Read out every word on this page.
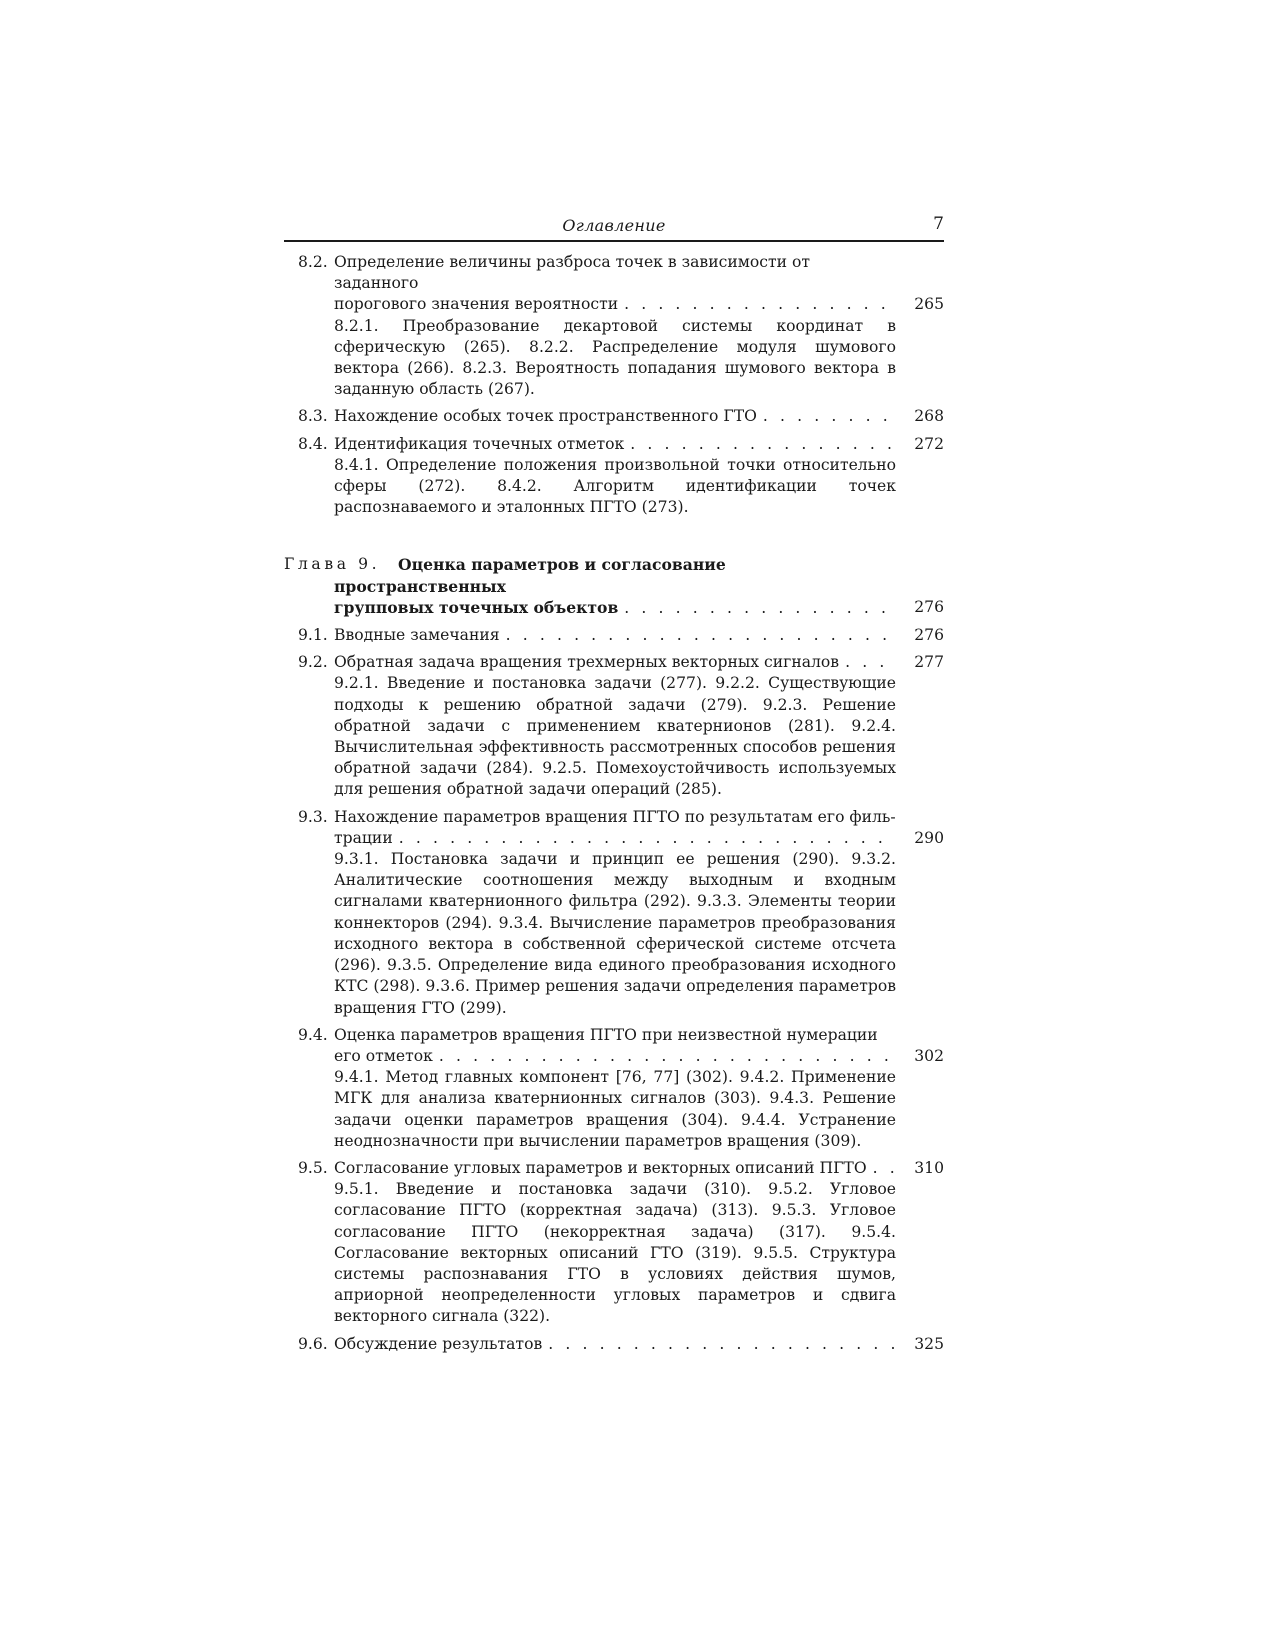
Оглавление	7
8.2. Определение величины разброса точек в зависимости от заданного
порогового значения вероятности . . .	265
8.2.1. Преобразование декартовой системы координат в сферическую (265). 8.2.2. Распределение модуля шумового вектора (266). 8.2.3. Вероятность попадания шумового вектора в заданную область (267).
8.3. Нахождение особых точек пространственного ГТО . . .	268
8.4. Идентификация точечных отметок . . .	272
8.4.1. Определение положения произвольной точки относительно сферы (272). 8.4.2. Алгоритм идентификации точек распознаваемого и эталонных ПГТО (273).
Глава 9.	Оценка параметров и согласование пространственных
групповых точечных объектов . . .	276
9.1. Вводные замечания . . .	276
9.2. Обратная задача вращения трехмерных векторных сигналов . . .	277
9.2.1. Введение и постановка задачи (277). 9.2.2. Существующие подходы к решению обратной задачи (279). 9.2.3. Решение обратной задачи с применением кватернионов (281). 9.2.4. Вычислительная эффективность рассмотренных способов решения обратной задачи (284). 9.2.5. Помехоустойчивость используемых для решения обратной задачи операций (285).
9.3. Нахождение параметров вращения ПГТО по результатам его филь-
трации . . .	290
9.3.1. Постановка задачи и принцип ее решения (290). 9.3.2. Аналитические соотношения между выходным и входным сигналами кватернионного фильтра (292). 9.3.3. Элементы теории коннекторов (294). 9.3.4. Вычисление параметров преобразования исходного вектора в собственной сферической системе отсчета (296). 9.3.5. Определение вида единого преобразования исходного КТС (298). 9.3.6. Пример решения задачи определения параметров вращения ГТО (299).
9.4. Оценка параметров вращения ПГТО при неизвестной нумерации
его отметок . . .	302
9.4.1. Метод главных компонент [76, 77] (302). 9.4.2. Применение МГК для анализа кватернионных сигналов (303). 9.4.3. Решение задачи оценки параметров вращения (304). 9.4.4. Устранение неоднозначности при вычислении параметров вращения (309).
9.5. Согласование угловых параметров и векторных описаний ПГТО . . .	310
9.5.1. Введение и постановка задачи (310). 9.5.2. Угловое согласование ПГТО (корректная задача) (313). 9.5.3. Угловое согласование ПГТО (некорректная задача) (317). 9.5.4. Согласование векторных описаний ГТО (319). 9.5.5. Структура системы распознавания ГТО в условиях действия шумов, априорной неопределенности угловых параметров и сдвига векторного сигнала (322).
9.6. Обсуждение результатов . . .	325
